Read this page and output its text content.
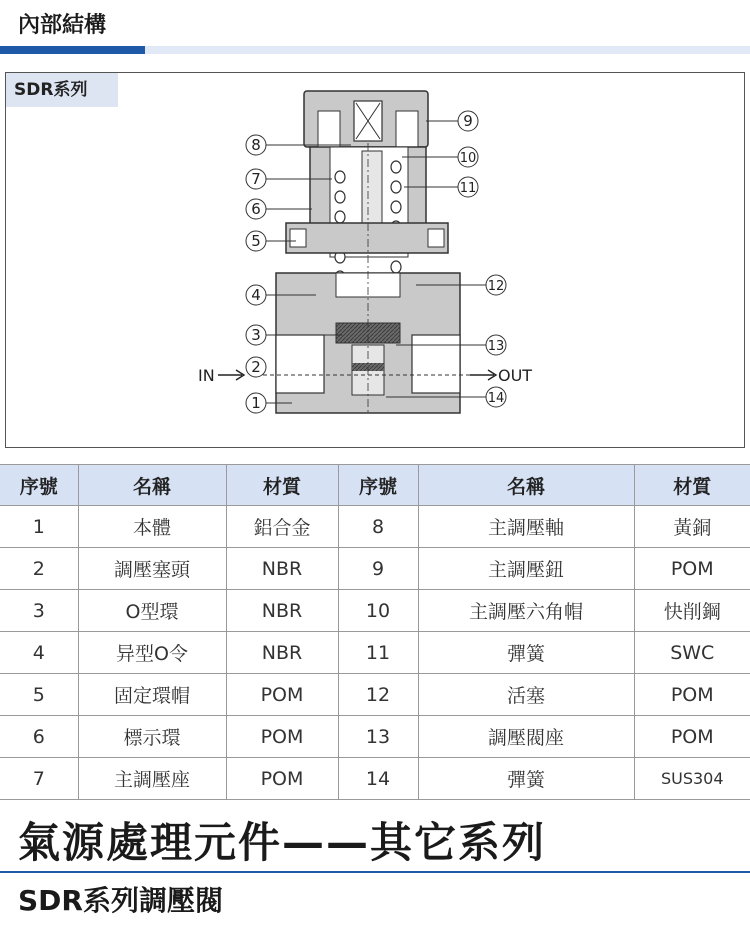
內部結構
SDR系列
8
7
6
5
4
3
2
1
9
10
11
12
13
14
IN	OUT
序號	名稱	材質	序號	名稱	材質
1	本體	鋁合金	8	主調壓軸	黃銅
2	調壓塞頭	NBR	9	主調壓鈕	POM
3	O型環	NBR	10	主調壓六角帽	快削鋼
4	异型O令	NBR	11	彈簧	SWC
5	固定環帽	POM	12	活塞	POM
6	標示環	POM	13	調壓閥座	POM
7	主調壓座	POM	14	彈簧	SUS304
氣源處理元件——其它系列
SDR系列調壓閥
